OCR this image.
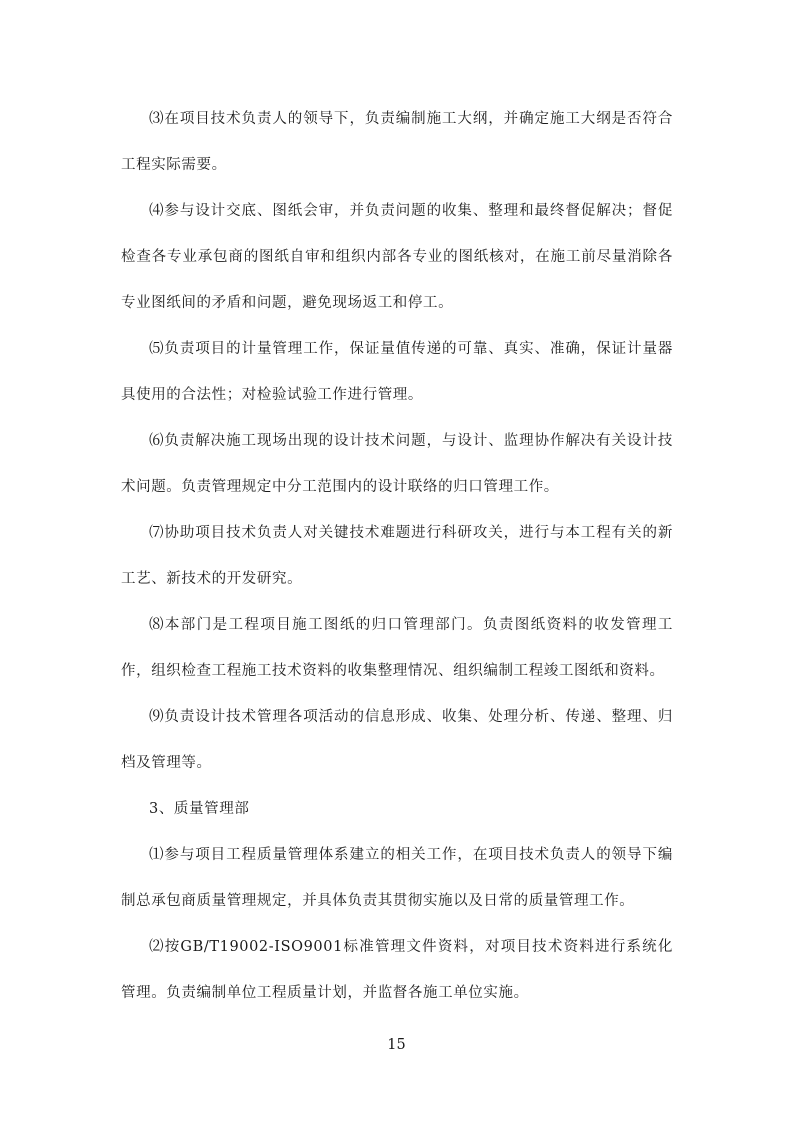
⑶在项目技术负责人的领导下，负责编制施工大纲，并确定施工大纲是否符合工程实际需要。

⑷参与设计交底、图纸会审，并负责问题的收集、整理和最终督促解决；督促检查各专业承包商的图纸自审和组织内部各专业的图纸核对，在施工前尽量消除各专业图纸间的矛盾和问题，避免现场返工和停工。

⑸负责项目的计量管理工作，保证量值传递的可靠、真实、准确，保证计量器具使用的合法性；对检验试验工作进行管理。

⑹负责解决施工现场出现的设计技术问题，与设计、监理协作解决有关设计技术问题。负责管理规定中分工范围内的设计联络的归口管理工作。

⑺协助项目技术负责人对关键技术难题进行科研攻关，进行与本工程有关的新工艺、新技术的开发研究。

⑻本部门是工程项目施工图纸的归口管理部门。负责图纸资料的收发管理工作，组织检查工程施工技术资料的收集整理情况、组织编制工程竣工图纸和资料。

⑼负责设计技术管理各项活动的信息形成、收集、处理分析、传递、整理、归档及管理等。

3、质量管理部

⑴参与项目工程质量管理体系建立的相关工作，在项目技术负责人的领导下编制总承包商质量管理规定，并具体负责其贯彻实施以及日常的质量管理工作。

⑵按GB/T19002-ISO9001标准管理文件资料，对项目技术资料进行系统化管理。负责编制单位工程质量计划，并监督各施工单位实施。

15
